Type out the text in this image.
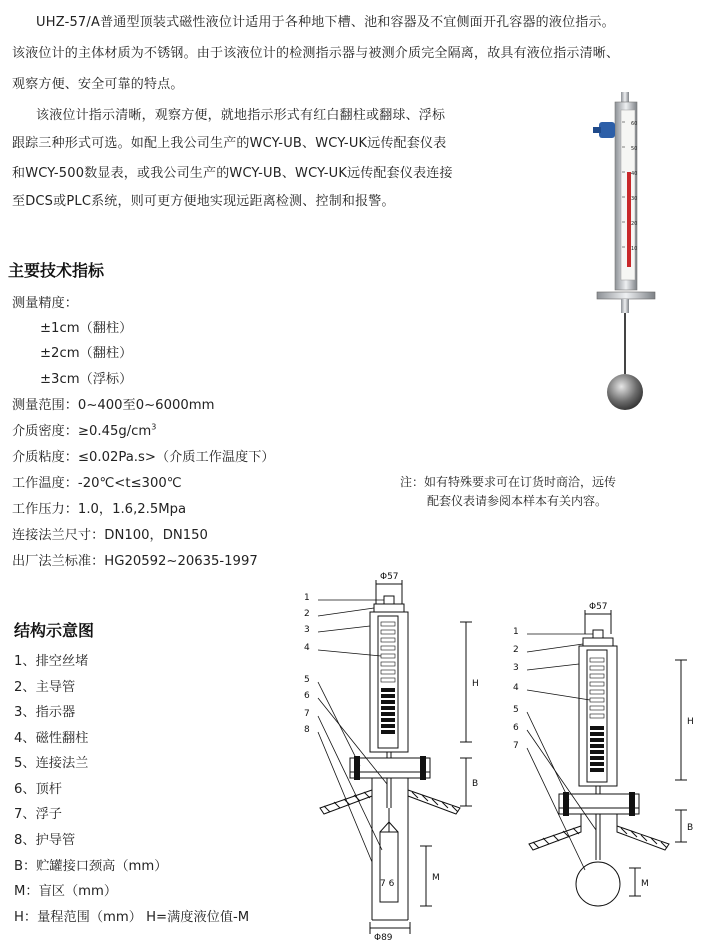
UHZ-57/A普通型顶装式磁性液位计适用于各种地下槽、池和容器及不宜侧面开孔容器的液位指示。
该液位计的主体材质为不锈钢。由于该液位计的检测指示器与被测介质完全隔离，故具有液位指示清晰、
观察方便、安全可靠的特点。
该液位计指示清晰，观察方便，就地指示形式有红白翻柱或翻球、浮标
跟踪三种形式可选。如配上我公司生产的WCY-UB、WCY-UK远传配套仪表
和WCY-500数显表，或我公司生产的WCY-UB、WCY-UK远传配套仪表连接
至DCS或PLC系统，则可更方便地实现远距离检测、控制和报警。
60
50
40
30
20
10
主要技术指标
测量精度：
±1cm（翻柱）
±2cm（翻柱）
±3cm（浮标）
测量范围：0~400至0~6000mm
介质密度：$\ge 0.45g/cm^3$
介质粘度：≤0.02Pa.s>（介质工作温度下）
工作温度：-20℃<t≤300℃
工作压力：1.0，1.6,2.5Mpa
连接法兰尺寸：DN100，DN150
出厂法兰标准：HG20592~20635-1997
注：如有特殊要求可在订货时商洽，远传
配套仪表请参阅本样本有关内容。
结构示意图
1、排空丝堵
2、主导管
3、指示器
4、磁性翻柱
5、连接法兰
6、顶杆
7、浮子
8、护导管
B：贮罐接口颈高（mm）
M：盲区（mm）
H：量程范围（mm） H=满度液位值-M
Φ57
Φ89
7 6
1
2
3
4
5
6
7
8
H
B
M
Φ57
1
2
3
4
5
6
7
H
B
M
